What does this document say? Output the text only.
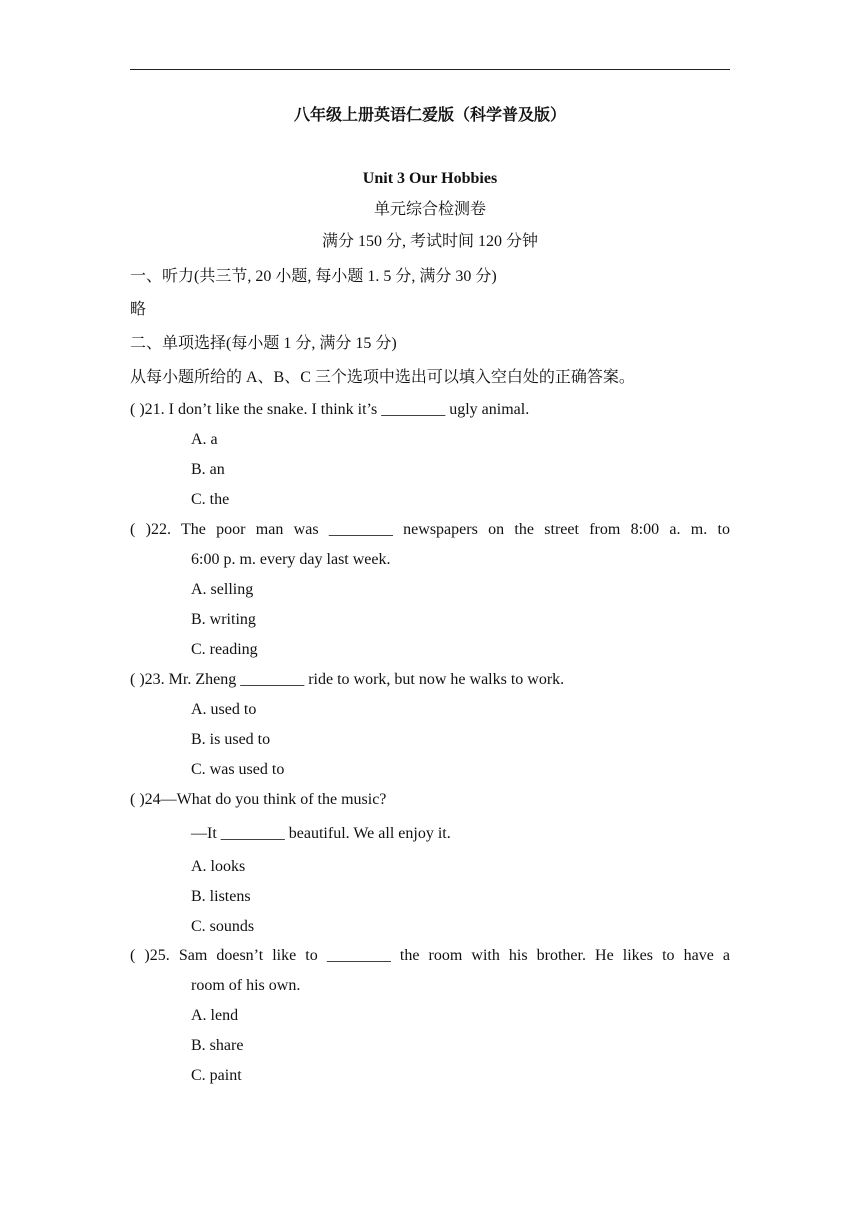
八年级上册英语仁爱版（科学普及版）
Unit 3 Our Hobbies
单元综合检测卷
满分 150 分, 考试时间 120 分钟
一、听力(共三节, 20 小题, 每小题 1. 5 分, 满分 30 分)
略
二、单项选择(每小题 1 分, 满分 15 分)
从每小题所给的 A、B、C 三个选项中选出可以填入空白处的正确答案。
( )21. I don’t like the snake. I think it’s ________ ugly animal.
A. a
B. an
C. the
( )22. The poor man was ________ newspapers on the street from 8:00 a. m. to
6:00 p. m. every day last week.
A. selling
B. writing
C. reading
( )23. Mr. Zheng ________ ride to work, but now he walks to work.
A. used to
B. is used to
C. was used to
( )24—What do you think of the music?
—It ________ beautiful. We all enjoy it.
A. looks
B. listens
C. sounds
( )25. Sam doesn’t like to ________ the room with his brother. He likes to have a
room of his own.
A. lend
B. share
C. paint
